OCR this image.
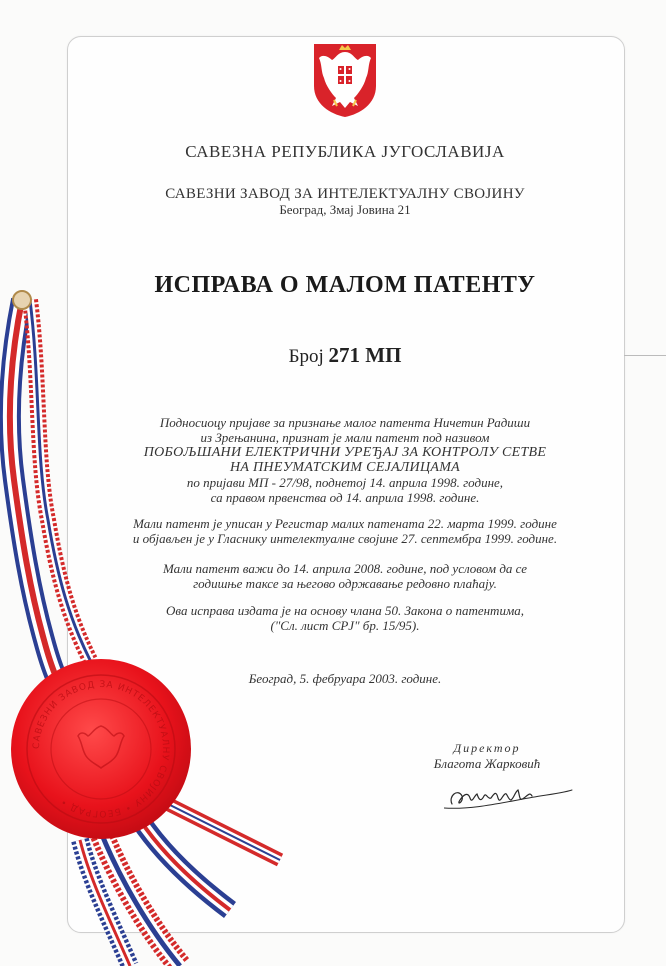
САВЕЗНА РЕПУБЛИКА ЈУГОСЛАВИЈА
САВЕЗНИ ЗАВОД ЗА ИНТЕЛЕКТУАЛНУ СВОЈИНУ
Београд, Змај Јовина 21
ИСПРАВА О МАЛОМ ПАТЕНТУ
Број 271 МП
Подносиоцу пријаве за признање малог патента Ничетин Радиши
из Зрењанина, признат је мали патент под називом
ПОБОЉШАНИ ЕЛЕКТРИЧНИ УРЕЂАЈ ЗА КОНТРОЛУ СЕТВЕ
НА ПНЕУМАТСКИМ СЕЈАЛИЦАМА
по пријави МП - 27/98, поднетој 14. априла 1998. године,
са правом првенства од 14. априла 1998. године.
Мали патент је уписан у Регистар малих патената 22. марта 1999. године
и објављен је у Гласнику интелектуалне својине 27. септембра 1999. године.
Мали патент важи до 14. априла 2008. године, под условом да се
годишње таксе за његово одржавање редовно плаћају.
Ова исправа издата је на основу члана 50. Закона о патентима,
("Сл. лист СРЈ" бр. 15/95).
Београд, 5. фебруара 2003. године.
Директор
Благота Жарковић
САВЕЗНИ ЗАВОД ЗА ИНТЕЛЕКТУАЛНУ СВОЈИНУ • БЕОГРАД •
